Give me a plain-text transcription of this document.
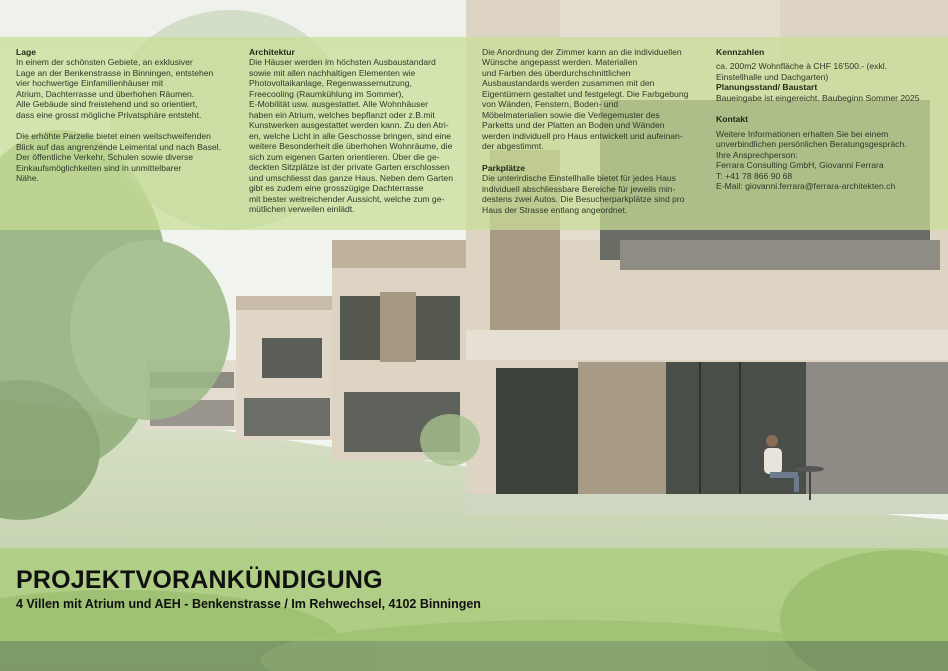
Lage

In einem der schönsten Gebiete, an exklusiver
Lage an der Benkenstrasse in Binningen, entstehen
vier hochwertige Einfamilienhäuser mit
Atrium, Dachterrasse und überhohen Räumen.
Alle Gebäude sind freistehend und so orientiert,
dass eine grosst mögliche Privatsphäre entsteht.

Die erhöhte Parzelle bietet einen weitschweifenden
Blick auf das angrenzende Leimental und nach Basel.
Der öffentliche Verkehr, Schulen sowie diverse
Einkaufsmöglichkeiten sind in unmittelbarer
Nähe.

Architektur

Die Häuser werden im höchsten Ausbaustandard
sowie mit allen nachhaltigen Elementen wie
Photovoltaikanlage, Regenwassernutzung,
Freecooling (Raumkühlung im Sommer),
E-Mobilität usw. ausgestattet. Alle Wohnhäuser
haben ein Atrium, welches bepflanzt oder z.B.mit
Kunstwerken ausgestattet werden kann. Zu den Atri-
en, welche Licht in alle Geschosse bringen, sind eine
weitere Besonderheit die überhohen Wohnräume, die
sich zum eigenen Garten orientieren. Über die ge-
deckten Sitzplätze ist der private Garten erschlossen
und umschliesst das ganze Haus. Neben dem Garten
gibt es zudem eine grosszügige Dachterrasse
mit bester weitreichender Aussicht, welche zum ge-
mütlichen verweilen einlädt.

Die Anordnung der Zimmer kann an die individuellen
Wünsche angepasst werden. Materialien
und Farben des überdurchschnittlichen
Ausbaustandards werden zusammen mit den
Eigentümern gestaltet und festgelegt. Die Farbgebung
von Wänden, Fenstern, Boden- und
Möbelmaterialien sowie die Verlegemuster des
Parketts und der Platten an Boden und Wänden
werden individuell pro Haus entwickelt und aufeinan-
der abgestimmt.

Parkplätze

Die unterirdische Einstellhalle bietet für jedes Haus
individuell abschliessbare Bereiche für jeweils min-
destens zwei Autos. Die Besucherparkplätze sind pro
Haus der Strasse entlang angeordnet.

Kennzahlen

ca. 200m2 Wohnfläche à CHF 16'500.- (exkl.
Einstellhalle und Dachgarten)

Planungsstand/ Baustart

Baueingabe ist eingereicht. Baubeginn Sommer 2025

Kontakt

Weitere Informationen erhalten Sie bei einem
unverbindlichen persönlichen Beratungsgespräch.
Ihre Ansprechperson:
Ferrara Consulting GmbH, Giovanni Ferrara
T: +41 78 866 90 68
E-Mail: giovanni.ferrara@ferrara-architekten.ch

PROJEKTVORANKÜNDIGUNG

4 Villen mit Atrium und AEH - Benkenstrasse / Im Rehwechsel, 4102 Binningen
